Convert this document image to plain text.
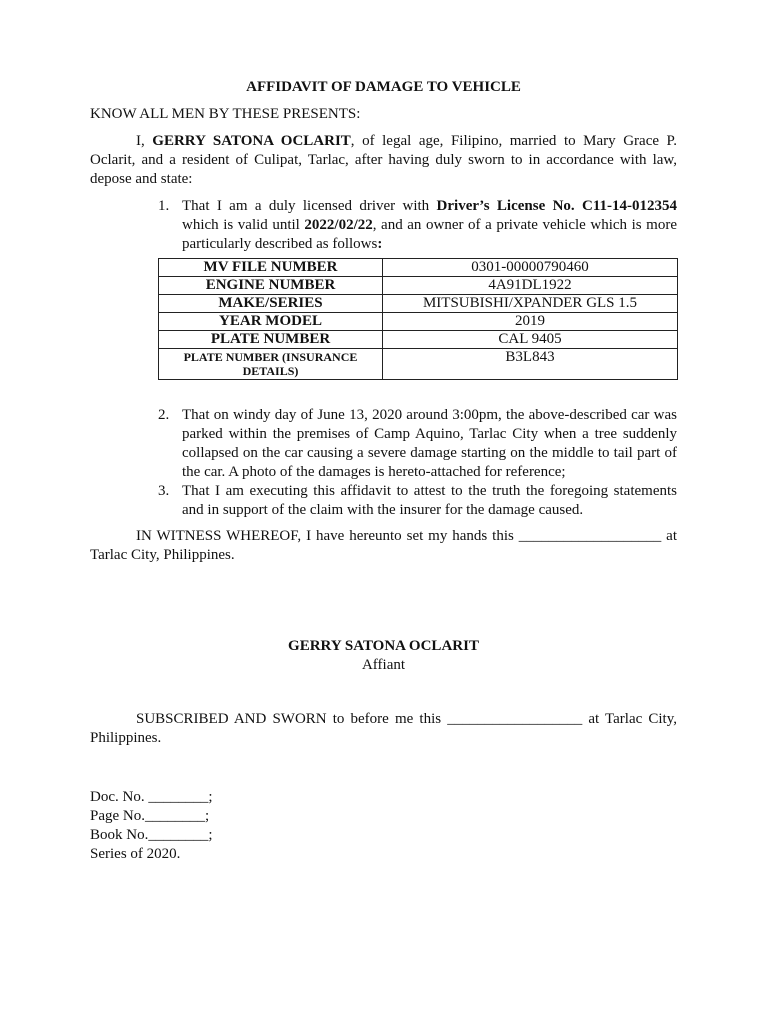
AFFIDAVIT OF DAMAGE TO VEHICLE

KNOW ALL MEN BY THESE PRESENTS:

I, GERRY SATONA OCLARIT, of legal age, Filipino, married to Mary Grace P. Oclarit, and a resident of Culipat, Tarlac, after having duly sworn to in accordance with law, depose and state:

1. That I am a duly licensed driver with Driver’s License No. C11-14-012354 which is valid until 2022/02/22, and an owner of a private vehicle which is more particularly described as follows:
MV FILE NUMBER	0301-00000790460
ENGINE NUMBER	4A91DL1922
MAKE/SERIES	MITSUBISHI/XPANDER GLS 1.5
YEAR MODEL	2019
PLATE NUMBER	CAL 9405
PLATE NUMBER (INSURANCE DETAILS)	B3L843
2. That on windy day of June 13, 2020 around 3:00pm, the above-described car was parked within the premises of Camp Aquino, Tarlac City when a tree suddenly collapsed on the car causing a severe damage starting on the middle to tail part of the car. A photo of the damages is hereto-attached for reference;
3. That I am executing this affidavit to attest to the truth the foregoing statements and in support of the claim with the insurer for the damage caused.

IN WITNESS WHEREOF, I have hereunto set my hands this ___________________ at Tarlac City, Philippines.

GERRY SATONA OCLARIT
Affiant

SUBSCRIBED AND SWORN to before me this __________________ at Tarlac City, Philippines.

Doc. No. ________;
Page No.________;
Book No.________;
Series of 2020.
